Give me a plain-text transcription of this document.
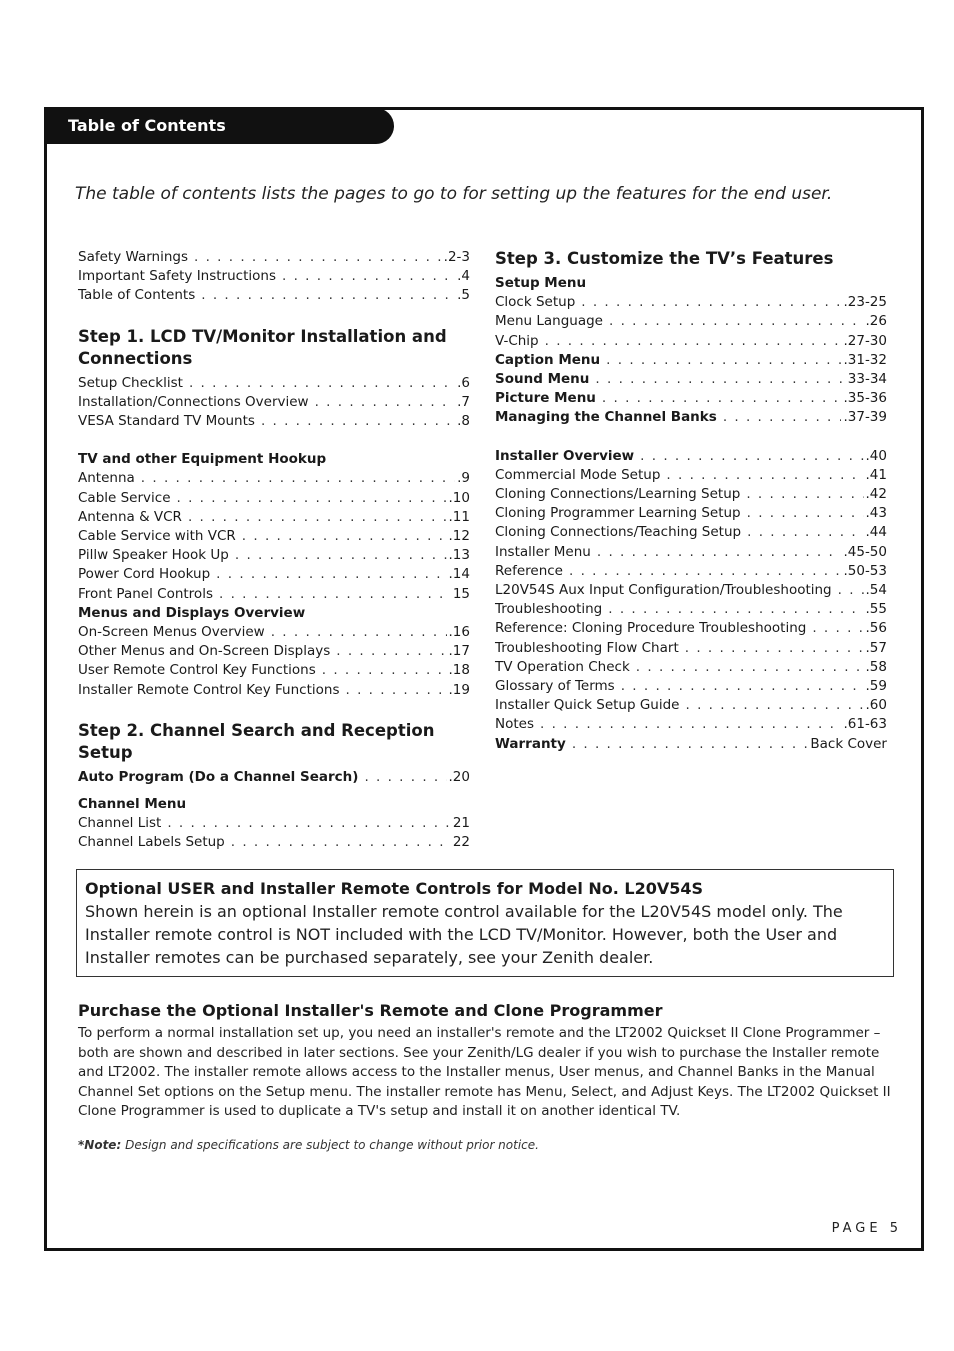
Table of Contents
The table of contents lists the pages to go to for setting up the features for the end user.
Safety Warnings . . .	.2-3
Important Safety Instructions . . .	.4
Table of Contents . . .	.5
Step 1. LCD TV/Monitor Installation and Connections
Setup Checklist . . .	.6
Installation/Connections Overview . . .	.7
VESA Standard TV Mounts . . .	.8
TV and other Equipment Hookup
Antenna . . .	.9
Cable Service . . .	.10
Antenna & VCR . . .	.11
Cable Service with VCR . . .	.12
Pillw Speaker Hook Up . . .	.13
Power Cord Hookup . . .	.14
Front Panel Controls . . .	15
Menus and Displays Overview
On-Screen Menus Overview . . .	.16
Other Menus and On-Screen Displays . . .	.17
User Remote Control Key Functions . . .	.18
Installer Remote Control Key Functions . . .	.19
Step 2. Channel Search and Reception Setup
Auto Program (Do a Channel Search) . . .	.20
Channel Menu
Channel List . . .	21
Channel Labels Setup . . .	22
Step 3. Customize the TV’s Features
Setup Menu
Clock Setup . . .	.23-25
Menu Language . . .	.26
V-Chip . . .	.27-30
Caption Menu . . .	.31-32
Sound Menu . . .	33-34
Picture Menu . . .	.35-36
Managing the Channel Banks . . .	.37-39
Installer Overview . . .	.40
Commercial Mode Setup . . .	.41
Cloning Connections/Learning Setup . . .	.42
Cloning Programmer Learning Setup . . .	.43
Cloning Connections/Teaching Setup . . .	.44
Installer Menu . . .	.45-50
Reference . . .	.50-53
L20V54S Aux Input Configuration/Troubleshooting . . .	.54
Troubleshooting . . .	.55
Reference: Cloning Procedure Troubleshooting . . .	.56
Troubleshooting Flow Chart . . .	.57
TV Operation Check . . .	.58
Glossary of Terms . . .	.59
Installer Quick Setup Guide . . .	.60
Notes . . .	.61-63
Warranty . . .	Back Cover
Optional USER and Installer Remote Controls for Model No. L20V54S
Shown herein is an optional Installer remote control available for the L20V54S model only. The Installer remote control is NOT included with the LCD TV/Monitor. However, both the User and Installer remotes can be purchased separately, see your Zenith dealer.
Purchase the Optional Installer's Remote and Clone Programmer
To perform a normal installation set up, you need an installer's remote and the LT2002 Quickset II Clone Programmer – both are shown and described in later sections. See your Zenith/LG dealer if you wish to purchase the Installer remote and LT2002. The installer remote allows access to the Installer menus, User menus, and Channel Banks in the Manual Channel Set options on the Setup menu. The installer remote has Menu, Select, and Adjust Keys. The LT2002 Quickset II Clone Programmer is used to duplicate a TV's setup and install it on another identical TV.
*Note: Design and specifications are subject to change without prior notice.
PAGE 5
